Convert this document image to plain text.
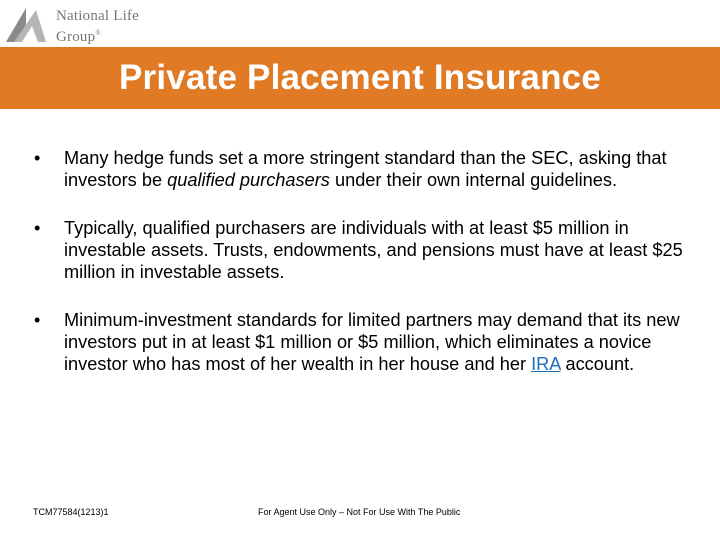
National Life
Group®
Private Placement Insurance
•	Many hedge funds set a more stringent standard than the SEC, asking that investors be qualified purchasers under their own internal guidelines.
•	Typically, qualified purchasers are individuals with at least $5 million in investable assets. Trusts, endowments, and pensions must have at least $25 million in investable assets.
•	Minimum-investment standards for limited partners may demand that its new investors put in at least $1 million or $5 million, which eliminates a novice investor who has most of her wealth in her house and her IRA account.
TCM77584(1213)1	For Agent Use Only – Not For Use With The Public
